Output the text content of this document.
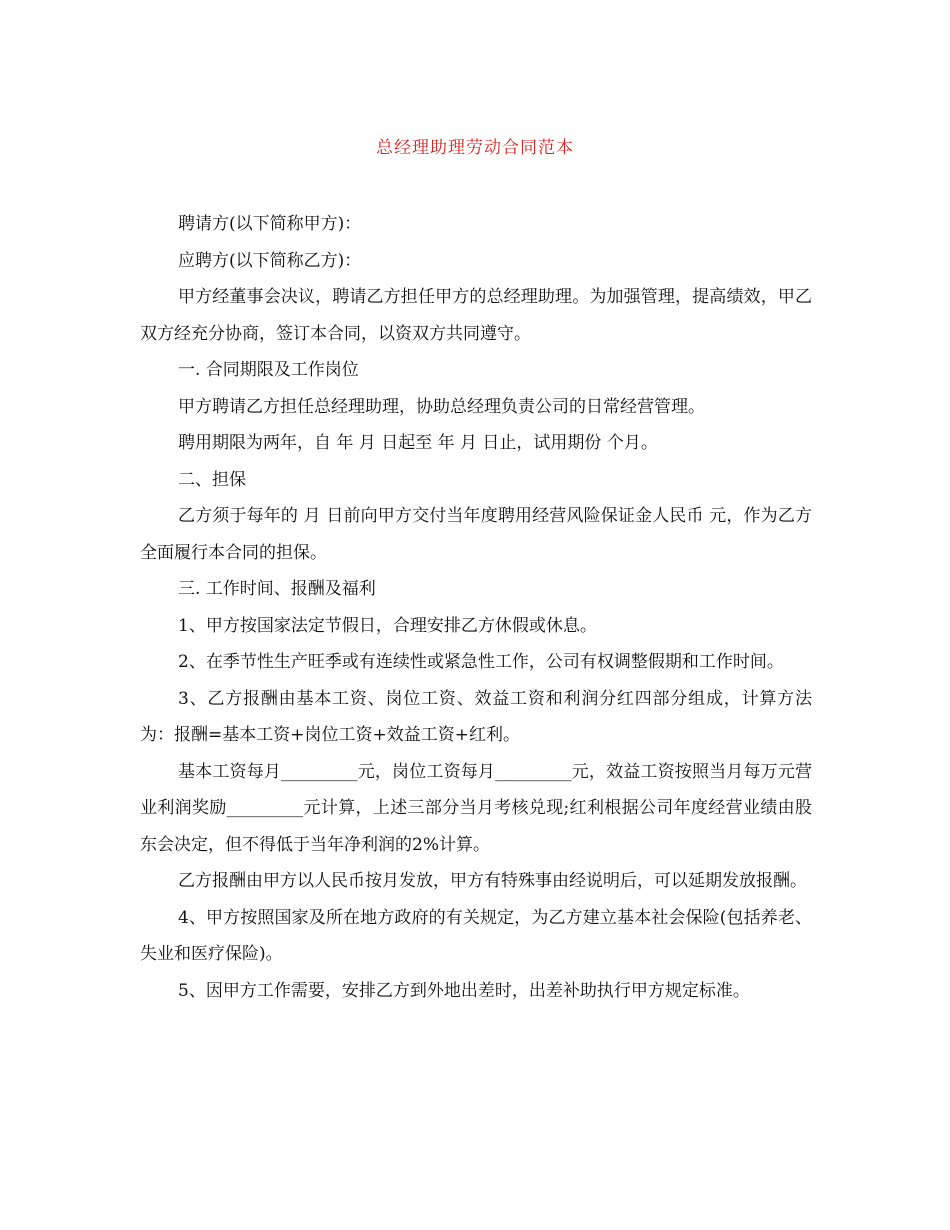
总经理助理劳动合同范本

聘请方(以下简称甲方)：

应聘方(以下简称乙方)：

甲方经董事会决议，聘请乙方担任甲方的总经理助理。为加强管理，提高绩效，甲乙双方经充分协商，签订本合同，以资双方共同遵守。

一. 合同期限及工作岗位

甲方聘请乙方担任总经理助理，协助总经理负责公司的日常经营管理。

聘用期限为两年，自 年 月 日起至 年 月 日止，试用期份 个月。

二、担保

乙方须于每年的 月 日前向甲方交付当年度聘用经营风险保证金人民币 元，作为乙方全面履行本合同的担保。

三. 工作时间、报酬及福利

1、甲方按国家法定节假日，合理安排乙方休假或休息。

2、在季节性生产旺季或有连续性或紧急性工作，公司有权调整假期和工作时间。

3、乙方报酬由基本工资、岗位工资、效益工资和利润分红四部分组成，计算方法为：报酬=基本工资+岗位工资+效益工资+红利。

基本工资每月_________元，岗位工资每月_________元，效益工资按照当月每万元营业利润奖励_________元计算，上述三部分当月考核兑现;红利根据公司年度经营业绩由股东会决定，但不得低于当年净利润的2%计算。

乙方报酬由甲方以人民币按月发放，甲方有特殊事由经说明后，可以延期发放报酬。

4、甲方按照国家及所在地方政府的有关规定，为乙方建立基本社会保险(包括养老、失业和医疗保险)。

5、因甲方工作需要，安排乙方到外地出差时，出差补助执行甲方规定标准。
